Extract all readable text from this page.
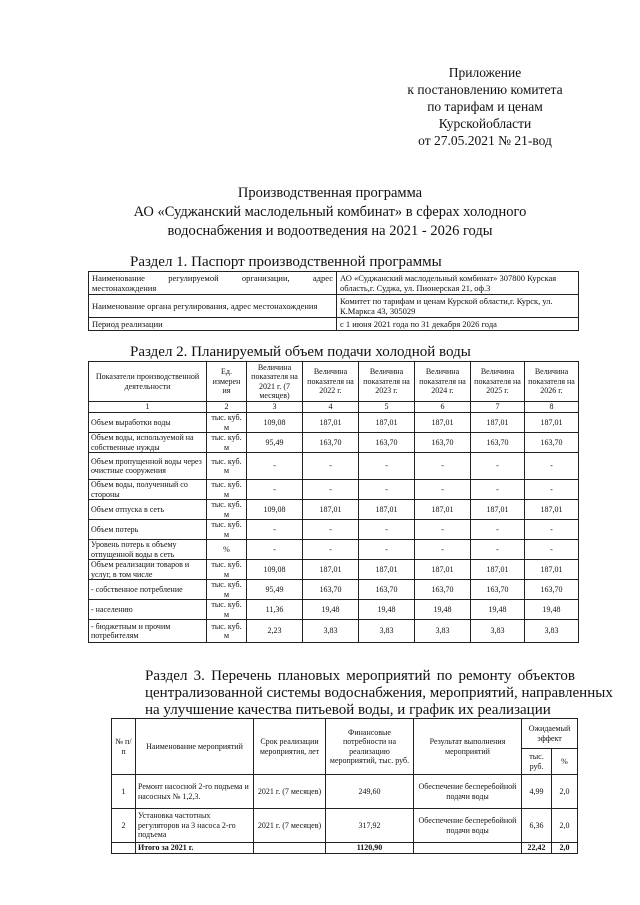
Приложение
к постановлению комитета
по тарифам и ценам
Курскойобласти
от 27.05.2021 № 21-вод
Производственная программа
АО «Суджанский маслодельный комбинат» в сферах холодного
водоснабжения и водоотведения на 2021 - 2026 годы
Раздел 1. Паспорт производственной программы
Наименование регулируемой организации, адрес местонахождения	АО «Суджанский маслодельный комбинат» 307800 Курская область,г. Суджа, ул. Пионерская 21, оф.3
Наименование органа регулирования, адрес местонахождения	Комитет по тарифам и ценам Курской области,г. Курск, ул. К.Маркса 43, 305029
Период реализации	с 1 июня 2021 года по 31 декабря 2026 года
Раздел 2. Планируемый объем подачи холодной воды
Показатели производственной деятельности	Ед. измерен ия	Величина показателя на 2021 г. (7 месяцев)	Величина показателя на 2022 г.	Величина показателя на 2023 г.	Величина показателя на 2024 г.	Величина показателя на 2025 г.	Величина показателя на 2026 г.
1	2	3	4	5	6	7	8
Объем выработки воды	тыс. куб. м	109,08	187,01	187,01	187,01	187,01	187,01
Объем воды, используемой на собственные нужды	тыс. куб. м	95,49	163,70	163,70	163,70	163,70	163,70
Объем пропущенной воды через очистные сооружения	тыс. куб. м	-	-	-	-	-	-
Объем воды, полученный со стороны	тыс. куб. м	-	-	-	-	-	-
Объем отпуска в сеть	тыс. куб. м	109,08	187,01	187,01	187,01	187,01	187,01
Объем потерь	тыс. куб. м	-	-	-	-	-	-
Уровень потерь к объему отпущенной воды в сеть	%	-	-	-	-	-	-
Объем реализации товаров и услуг, в том числе	тыс. куб. м	109,08	187,01	187,01	187,01	187,01	187,01
- собственное потребление	тыс. куб. м	95,49	163,70	163,70	163,70	163,70	163,70
- населению	тыс. куб. м	11,36	19,48	19,48	19,48	19,48	19,48
- бюджетным и прочим потребителям	тыс. куб. м	2,23	3,83	3,83	3,83	3,83	3,83
Раздел 3. Перечень плановых мероприятий по ремонту объектов
централизованной системы водоснабжения, мероприятий, направленных
на улучшение качества питьевой воды, и график их реализации
№ п/п	Наименование мероприятий	Срок реализации мероприятия, лет	Финансовые потребности на реализацию мероприятий, тыс. руб.	Результат выполнения мероприятий	Ожидаемый эффект	
					тыс. руб.	%
1	Ремонт насосной 2-го подъема и насосных № 1,2,3.	2021 г. (7 месяцев)	249,60	Обеспечение бесперебойной подачи воды	4,99	2,0
2	Установка частотных регуляторов на 3 насоса 2-го подъема	2021 г. (7 месяцев)	317,92	Обеспечение бесперебойной подачи воды	6,36	2,0
	Итого за 2021 г.		1120,90		22,42	2,0
